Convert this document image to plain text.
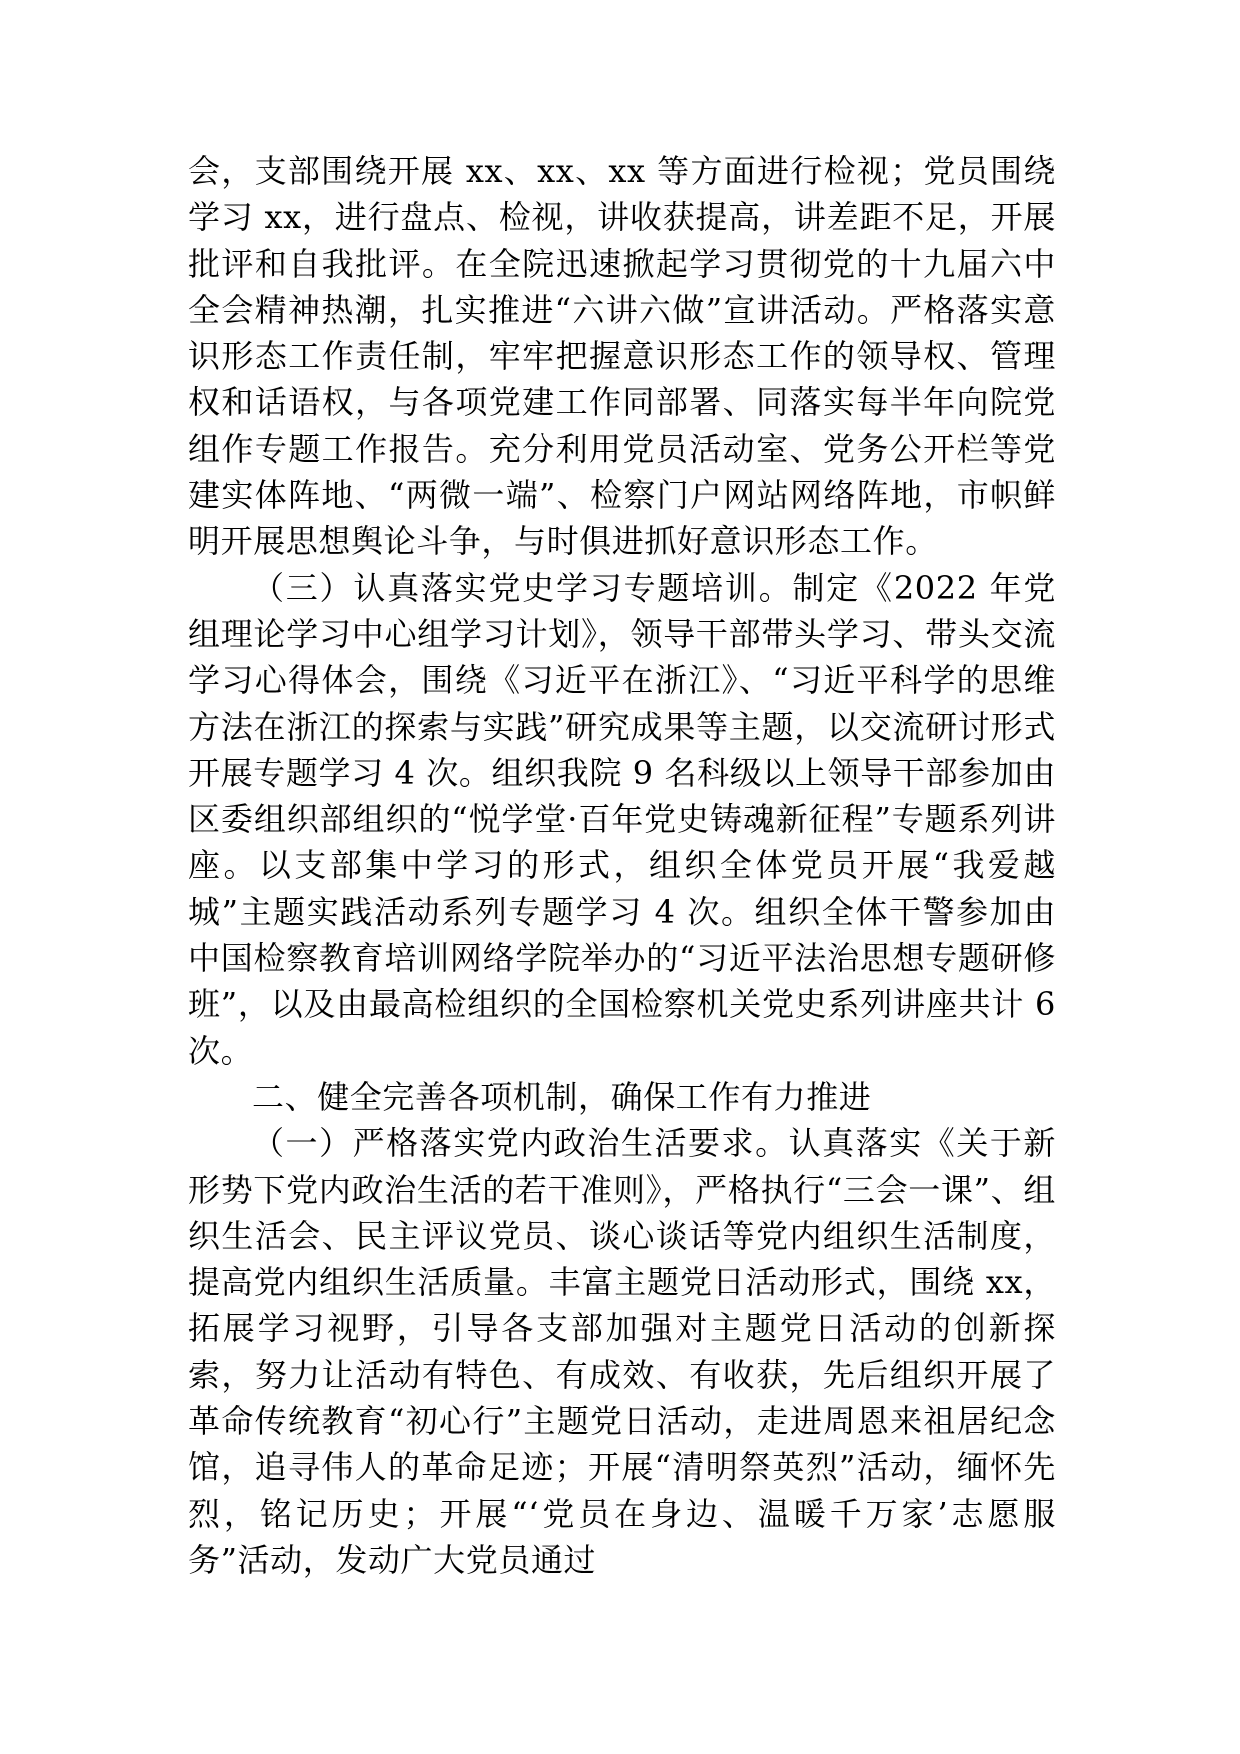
会，支部围绕开展 xx、xx、xx 等方面进行检视；党员围绕学习 xx，进行盘点、检视，讲收获提高，讲差距不足，开展批评和自我批评。在全院迅速掀起学习贯彻党的十九届六中全会精神热潮，扎实推进“六讲六做”宣讲活动。严格落实意识形态工作责任制，牢牢把握意识形态工作的领导权、管理权和话语权，与各项党建工作同部署、同落实每半年向院党组作专题工作报告。充分利用党员活动室、党务公开栏等党建实体阵地、“两微一端”、检察门户网站网络阵地，市帜鲜明开展思想舆论斗争，与时俱进抓好意识形态工作。

（三）认真落实党史学习专题培训。制定《2022 年党组理论学习中心组学习计划》，领导干部带头学习、带头交流学习心得体会，围绕《习近平在浙江》、“习近平科学的思维方法在浙江的探索与实践”研究成果等主题，以交流研讨形式开展专题学习 4 次。组织我院 9 名科级以上领导干部参加由区委组织部组织的“悦学堂·百年党史铸魂新征程”专题系列讲座。以支部集中学习的形式，组织全体党员开展“我爱越城”主题实践活动系列专题学习 4 次。组织全体干警参加由中国检察教育培训网络学院举办的“习近平法治思想专题研修班”，以及由最高检组织的全国检察机关党史系列讲座共计 6 次。

二、健全完善各项机制，确保工作有力推进

（一）严格落实党内政治生活要求。认真落实《关于新形势下党内政治生活的若干准则》，严格执行“三会一课”、组织生活会、民主评议党员、谈心谈话等党内组织生活制度，提高党内组织生活质量。丰富主题党日活动形式，围绕 xx，拓展学习视野，引导各支部加强对主题党日活动的创新探索，努力让活动有特色、有成效、有收获，先后组织开展了革命传统教育“初心行”主题党日活动，走进周恩来祖居纪念馆，追寻伟人的革命足迹；开展“清明祭英烈”活动，缅怀先烈，铭记历史；开展“‘党员在身边、温暖千万家’志愿服务”活动，发动广大党员通过
